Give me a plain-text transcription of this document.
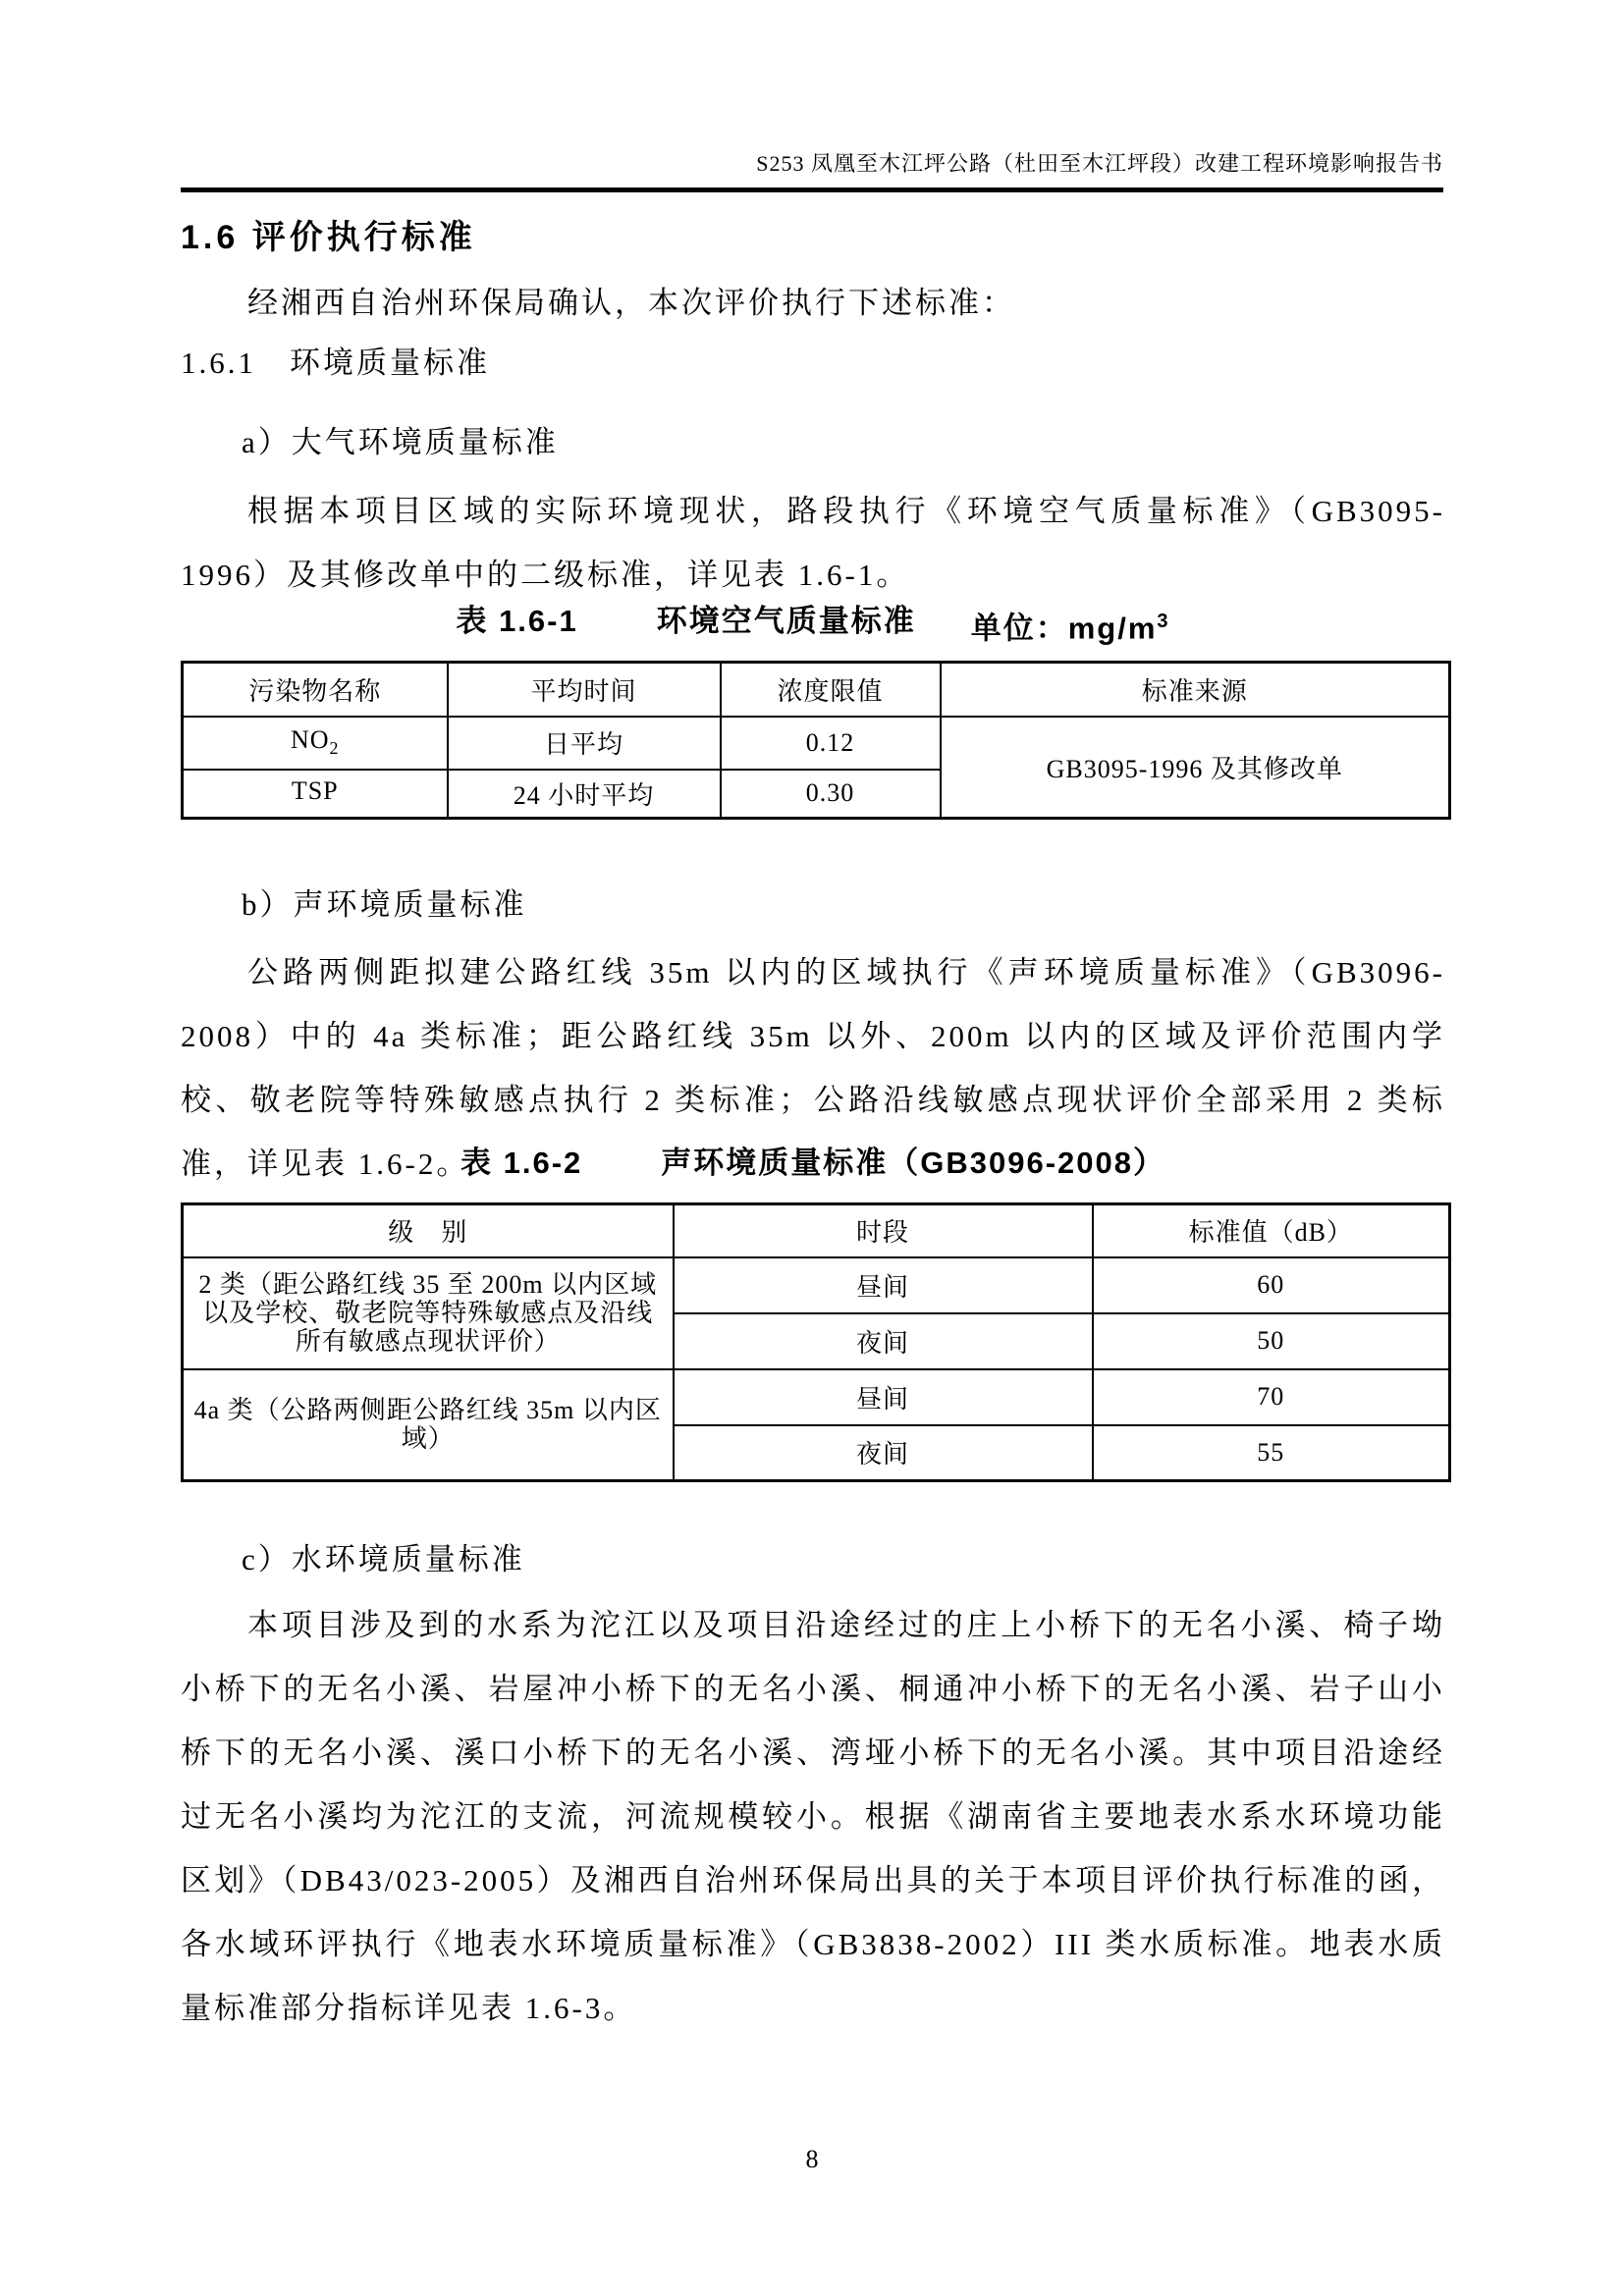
S253 凤凰至木江坪公路（杜田至木江坪段）改建工程环境影响报告书
1.6 评价执行标准
经湘西自治州环保局确认，本次评价执行下述标准：
1.6.1　环境质量标准
a）大气环境质量标准
根据本项目区域的实际环境现状，路段执行《环境空气质量标准》（GB3095-1996）及其修改单中的二级标准，详见表 1.6-1。
表 1.6-1	环境空气质量标准 单位：$mg/m^3$
污染物名称	平均时间	浓度限值	标准来源
$NO_2$	日平均	0.12	GB3095-1996 及其修改单
TSP	24 小时平均	0.30	
b）声环境质量标准
公路两侧距拟建公路红线 35m 以内的区域执行《声环境质量标准》（GB3096-2008）中的 4a 类标准；距公路红线 35m 以外、200m 以内的区域及评价范围内学校、敬老院等特殊敏感点执行 2 类标准；公路沿线敏感点现状评价全部采用 2 类标准，详见表 1.6-2。
表 1.6-2	声环境质量标准（GB3096-2008）
级　别	时段	标准值（dB）
2 类（距公路红线 35 至 200m 以内区域以及学校、敬老院等特殊敏感点及沿线所有敏感点现状评价）	昼间	60
	夜间	50
4a 类（公路两侧距公路红线 35m 以内区域）	昼间	70
	夜间	55
c）水环境质量标准
本项目涉及到的水系为沱江以及项目沿途经过的庄上小桥下的无名小溪、椅子坳小桥下的无名小溪、岩屋冲小桥下的无名小溪、桐通冲小桥下的无名小溪、岩子山小桥下的无名小溪、溪口小桥下的无名小溪、湾垭小桥下的无名小溪。其中项目沿途经过无名小溪均为沱江的支流，河流规模较小。根据《湖南省主要地表水系水环境功能区划》（DB43/023-2005）及湘西自治州环保局出具的关于本项目评价执行标准的函，各水域环评执行《地表水环境质量标准》（GB3838-2002）III 类水质标准。地表水质量标准部分指标详见表 1.6-3。
8
